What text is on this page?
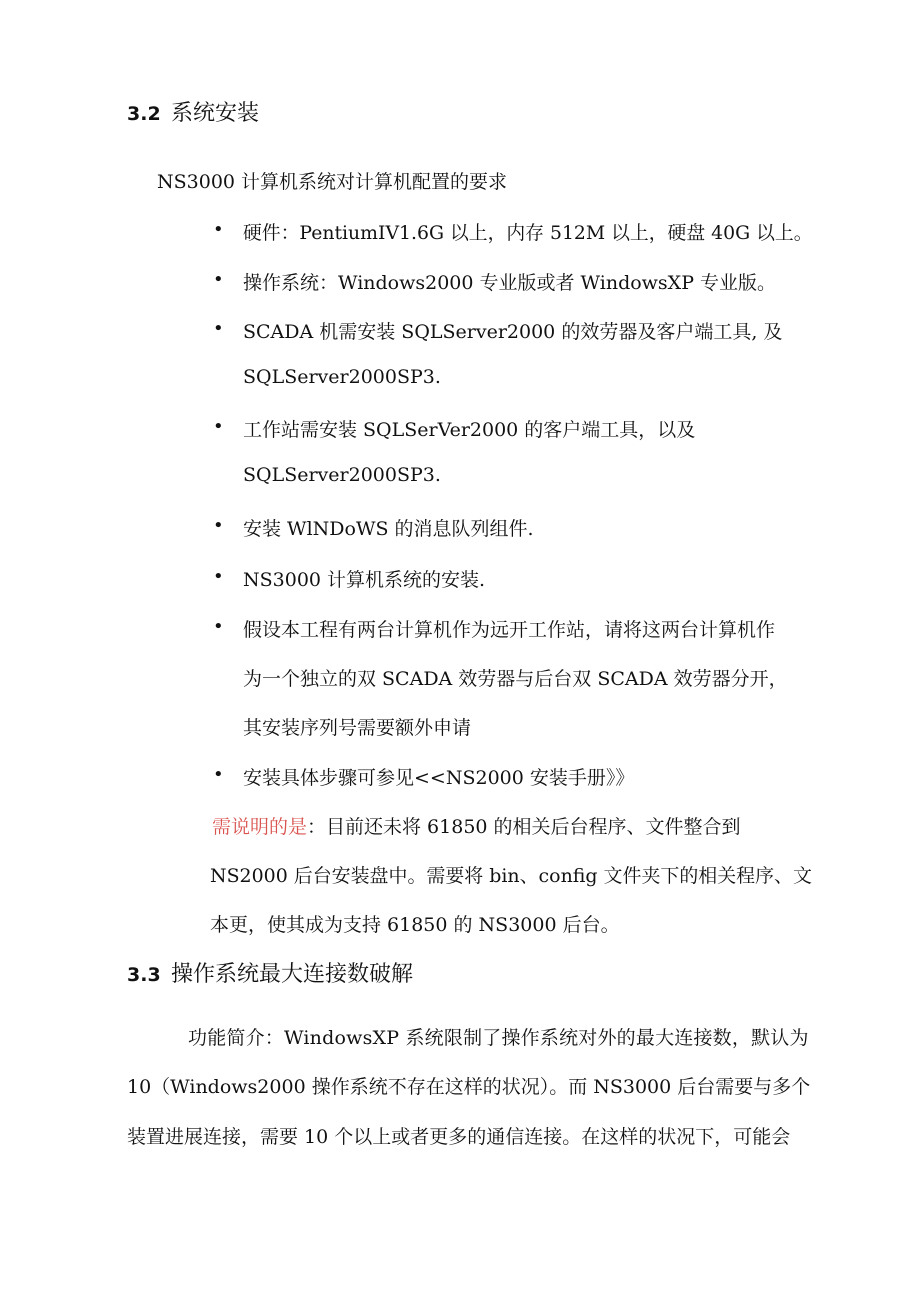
3.2 系统安装
NS3000 计算机系统对计算机配置的要求
• 硬件：PentiumIV1.6G 以上，内存 512M 以上，硬盘 40G 以上。
• 操作系统：Windows2000 专业版或者 WindowsXP 专业版。
• SCADA 机需安装 SQLServer2000 的效劳器及客户端工具, 及
SQLServer2000SP3.
• 工作站需安装 SQLSerVer2000 的客户端工具，以及
SQLServer2000SP3.
• 安装 WlNDoWS 的消息队列组件.
• NS3000 计算机系统的安装.
• 假设本工程有两台计算机作为远开工作站，请将这两台计算机作
为一个独立的双 SCADA 效劳器与后台双 SCADA 效劳器分开，
其安装序列号需要额外申请
• 安装具体步骤可参见<<NS2000 安装手册》》
需说明的是：目前还未将 61850 的相关后台程序、文件整合到
NS2000 后台安装盘中。需要将 bin、config 文件夹下的相关程序、文
本更，使其成为支持 61850 的 NS3000 后台。
3.3 操作系统最大连接数破解
功能简介：WindowsXP 系统限制了操作系统对外的最大连接数，默认为
10（Windows2000 操作系统不存在这样的状况）。而 NS3000 后台需要与多个
装置进展连接，需要 10 个以上或者更多的通信连接。在这样的状况下，可能会
